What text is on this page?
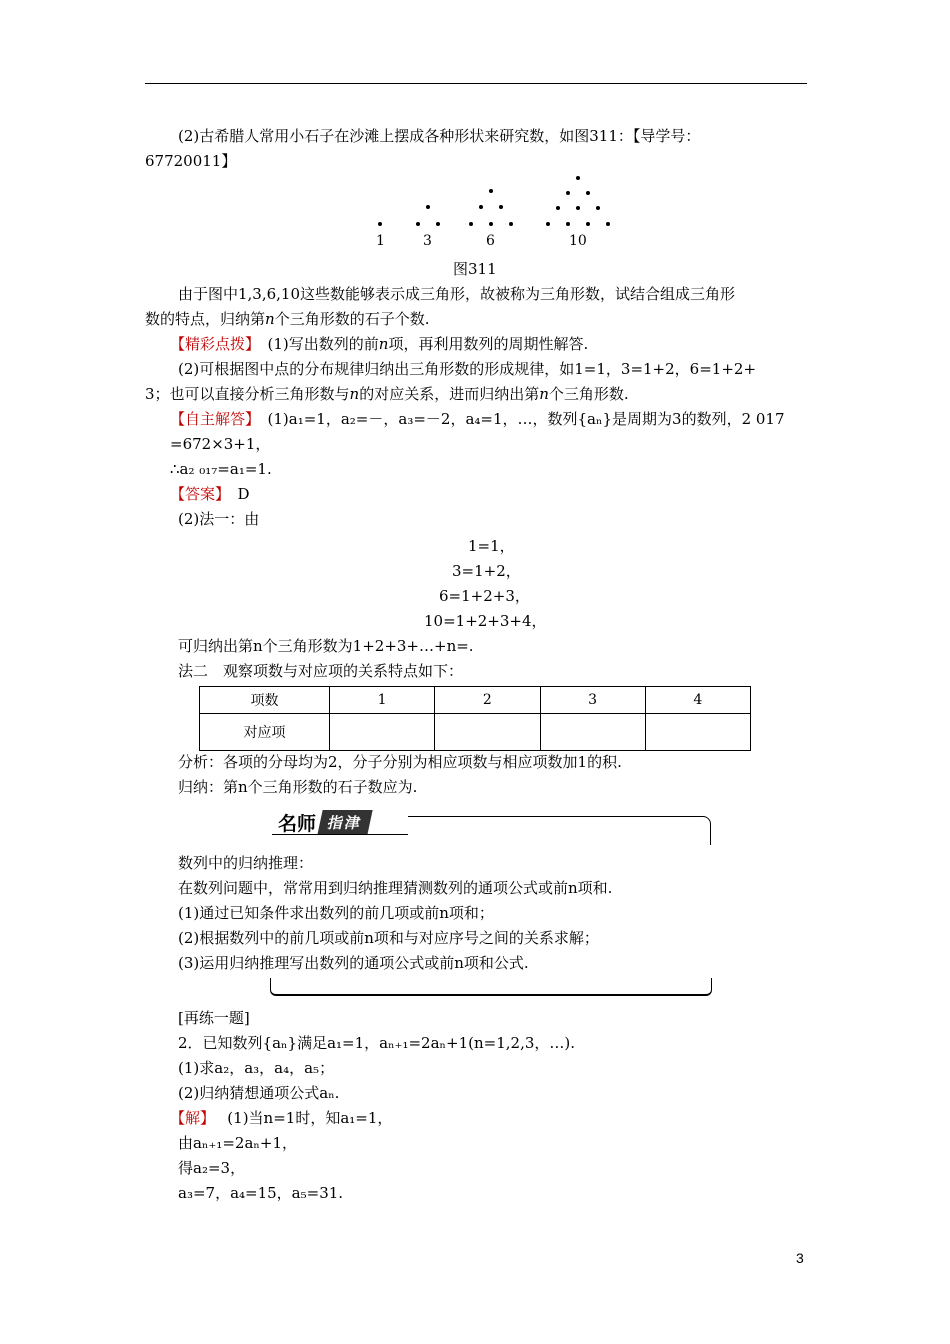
(2)古希腊人常用小石子在沙滩上摆成各种形状来研究数，如图311：【导学号：
67720011】
1	3	6	10
图311
由于图中1,3,6,10这些数能够表示成三角形，故被称为三角形数，试结合组成三角形
数的特点，归纳第n个三角形数的石子个数.
【精彩点拨】　 (1)写出数列的前n项，再利用数列的周期性解答.
(2)可根据图中点的分布规律归纳出三角形数的形成规律，如1=1，3=1+2，6=1+2+
3；也可以直接分析三角形数与n的对应关系，进而归纳出第n个三角形数.
【自主解答】　 (1)a₁=1，a₂=－，a₃=－2，a₄=1，…，数列{aₙ}是周期为3的数列，2 017
=672×3+1，
∴a₂ ₀₁₇=a₁=1.
【答案】　 D
(2)法一：由
1=1，
3=1+2，
6=1+2+3，
10=1+2+3+4，
可归纳出第n个三角形数为1+2+3+…+n=.
法二　观察项数与对应项的关系特点如下：
项数	1	2	3	4
对应项				
分析：各项的分母均为2，分子分别为相应项数与相应项数加1的积.
归纳：第n个三角形数的石子数应为.
名师 指津
数列中的归纳推理：
在数列问题中，常常用到归纳推理猜测数列的通项公式或前n项和.
(1)通过已知条件求出数列的前几项或前n项和；
(2)根据数列中的前几项或前n项和与对应序号之间的关系求解；
(3)运用归纳推理写出数列的通项公式或前n项和公式.
[再练一题]
2．已知数列{aₙ}满足a₁=1，aₙ₊₁=2aₙ+1(n=1,2,3，…).
(1)求a₂，a₃，a₄，a₅；
(2)归纳猜想通项公式aₙ.
【解】　 (1)当n=1时，知a₁=1，
由aₙ₊₁=2aₙ+1，
得a₂=3，
a₃=7，a₄=15，a₅=31.
3
